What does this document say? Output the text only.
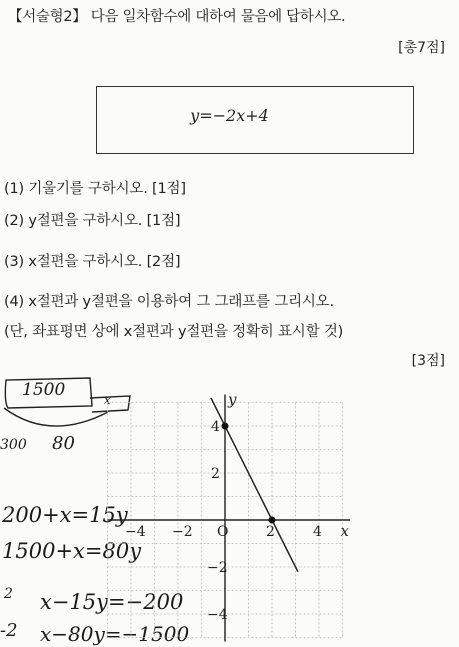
【서술형2】 다음 일차함수에 대하여 물음에 답하시오.
[총7점]
y=−2x+4
(1) 기울기를 구하시오. [1점]
(2) y절편을 구하시오. [1점]
(3) x절편을 구하시오. [2점]
(4) x절편과 y절편을 이용하여 그 그래프를 그리시오.
(단, 좌표평면 상에 x절편과 y절편을 정확히 표시할 것)
[3점]
1500	x
300 80
200+x=15y
1500+x=80y
2 x−15y=−200
-2 x−80y=−1500
−4 −2 O	2	4
4
2
−2
−4
x
y
